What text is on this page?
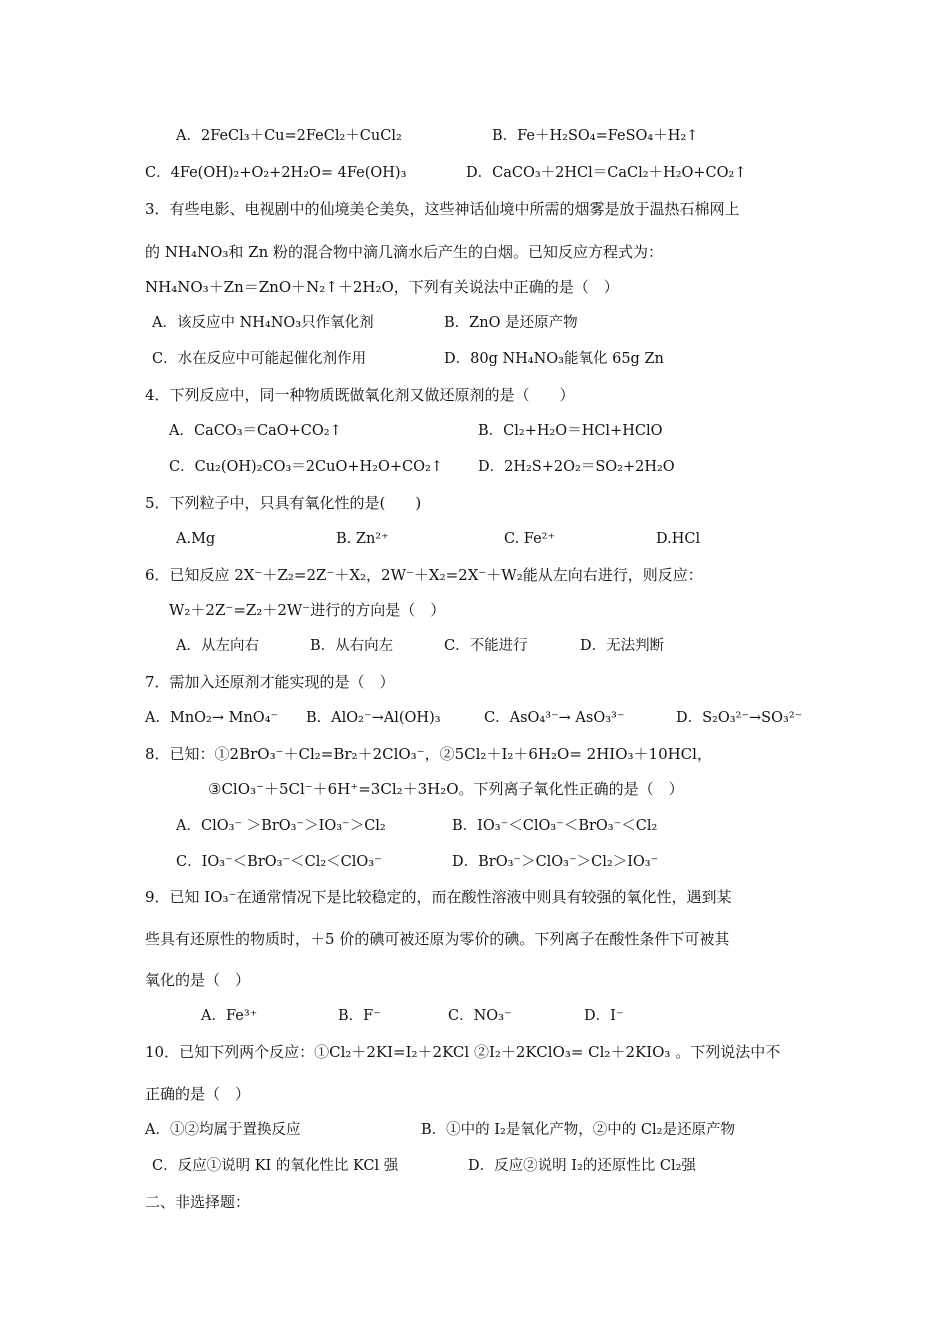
A．2FeCl₃＋Cu=2FeCl₂＋CuCl₂	B．Fe＋H₂SO₄=FeSO₄＋H₂↑
C．4Fe(OH)₂+O₂+2H₂O= 4Fe(OH)₃	D．CaCO₃＋2HCl＝CaCl₂＋H₂O+CO₂↑
3．有些电影、电视剧中的仙境美仑美奂，这些神话仙境中所需的烟雾是放于温热石棉网上
的 NH₄NO₃和 Zn 粉的混合物中滴几滴水后产生的白烟。已知反应方程式为：
NH₄NO₃＋Zn＝ZnO＋N₂↑＋2H₂O，下列有关说法中正确的是（　）
A．该反应中 NH₄NO₃只作氧化剂	B．ZnO 是还原产物
C．水在反应中可能起催化剂作用	D．80g NH₄NO₃能氧化 65g Zn
4．下列反应中，同一种物质既做氧化剂又做还原剂的是（　　）
A．CaCO₃＝CaO+CO₂↑	B．Cl₂+H₂O＝HCl+HClO
C．Cu₂(OH)₂CO₃＝2CuO+H₂O+CO₂↑ D．2H₂S+2O₂＝SO₂+2H₂O
5．下列粒子中，只具有氧化性的是(　　)
A.Mg	B. Zn²⁺	C. Fe²⁺	D.HCl
6．已知反应 2X⁻＋Z₂=2Z⁻＋X₂，2W⁻＋X₂=2X⁻＋W₂能从左向右进行，则反应：
W₂＋2Z⁻=Z₂＋2W⁻进行的方向是（　）
A．从左向右	B．从右向左	C．不能进行	D．无法判断
7．需加入还原剂才能实现的是（　）
A．MnO₂→ MnO₄⁻ B．AlO₂⁻→Al(OH)₃	C．AsO₄³⁻→ AsO₃³⁻	D．S₂O₃²⁻→SO₃²⁻
8．已知：①2BrO₃⁻＋Cl₂=Br₂＋2ClO₃⁻，②5Cl₂＋I₂＋6H₂O= 2HIO₃＋10HCl，
③ClO₃⁻＋5Cl⁻＋6H⁺=3Cl₂＋3H₂O。下列离子氧化性正确的是（　）
A．ClO₃⁻ ＞BrO₃⁻＞IO₃⁻＞Cl₂	B．IO₃⁻＜ClO₃⁻＜BrO₃⁻＜Cl₂
C．IO₃⁻＜BrO₃⁻＜Cl₂＜ClO₃⁻	D．BrO₃⁻＞ClO₃⁻＞Cl₂＞IO₃⁻
9．已知 IO₃⁻在通常情况下是比较稳定的，而在酸性溶液中则具有较强的氧化性，遇到某
些具有还原性的物质时，＋5 价的碘可被还原为零价的碘。下列离子在酸性条件下可被其
氧化的是（　）
A．Fe³⁺	B．F⁻	C．NO₃⁻	D．I⁻
10．已知下列两个反应：①Cl₂＋2KI=I₂＋2KCl ②I₂＋2KClO₃= Cl₂＋2KIO₃ 。下列说法中不
正确的是（　）
A．①②均属于置换反应	B．①中的 I₂是氧化产物，②中的 Cl₂是还原产物
C．反应①说明 KI 的氧化性比 KCl 强	D．反应②说明 I₂的还原性比 Cl₂强
二、非选择题：
